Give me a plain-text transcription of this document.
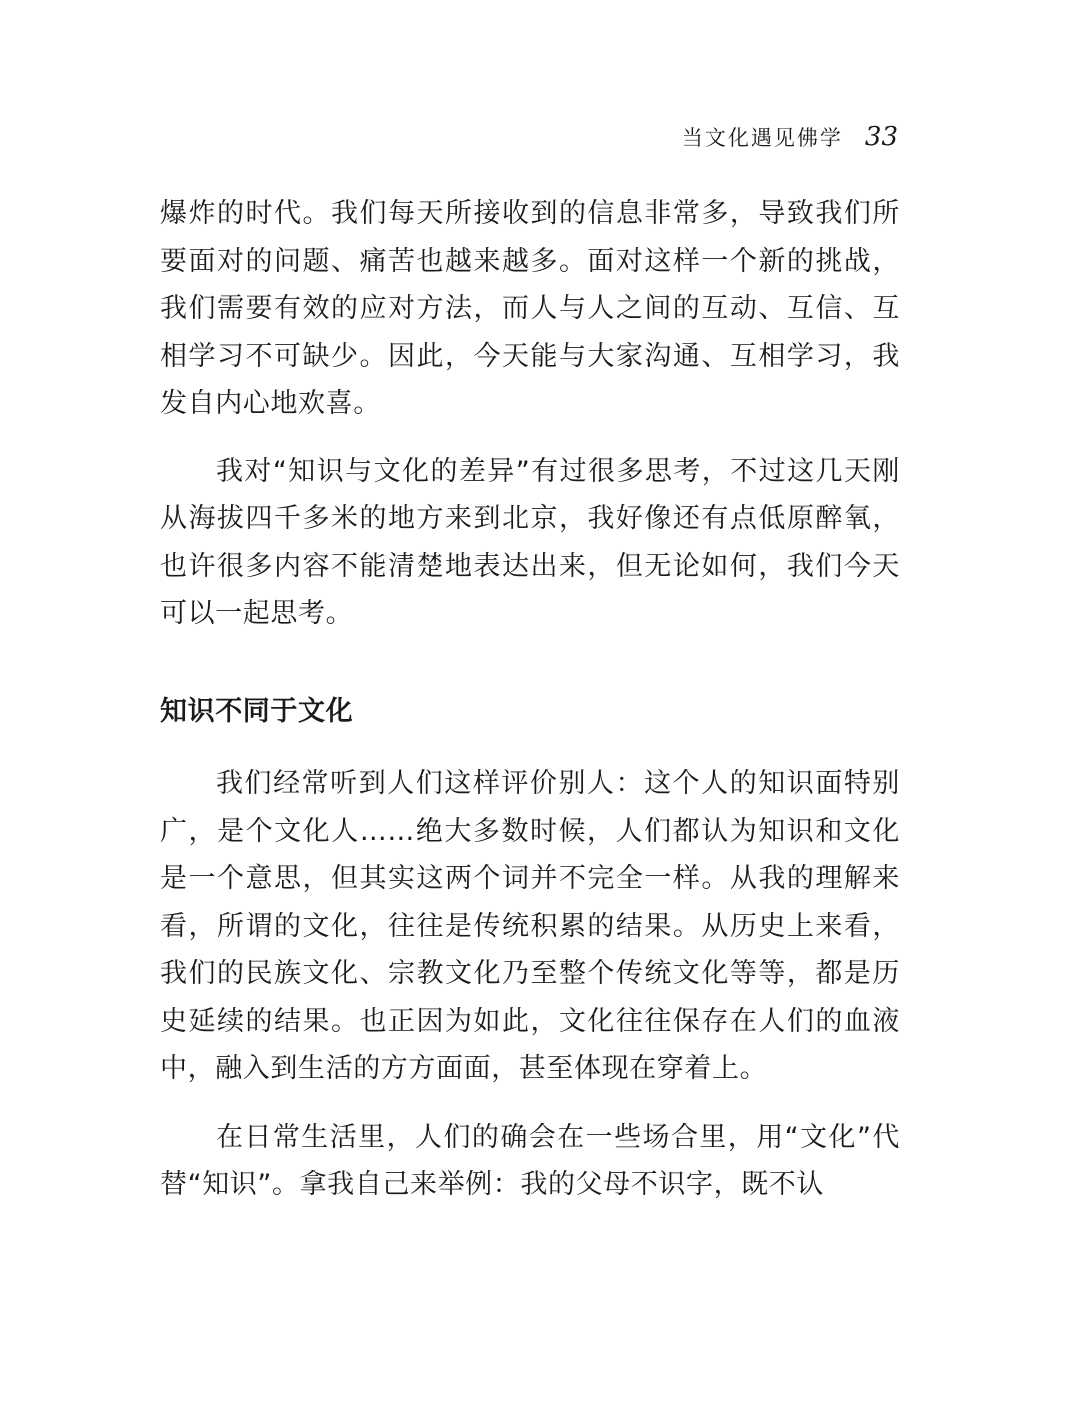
当文化遇见佛学 33

爆炸的时代。我们每天所接收到的信息非常多，导致我们所要面对的问题、痛苦也越来越多。面对这样一个新的挑战，我们需要有效的应对方法，而人与人之间的互动、互信、互相学习不可缺少。因此，今天能与大家沟通、互相学习，我发自内心地欢喜。

我对“知识与文化的差异”有过很多思考，不过这几天刚从海拔四千多米的地方来到北京，我好像还有点低原醉氧，也许很多内容不能清楚地表达出来，但无论如何，我们今天可以一起思考。

知识不同于文化

我们经常听到人们这样评价别人：这个人的知识面特别广，是个文化人……绝大多数时候，人们都认为知识和文化是一个意思，但其实这两个词并不完全一样。从我的理解来看，所谓的文化，往往是传统积累的结果。从历史上来看，我们的民族文化、宗教文化乃至整个传统文化等等，都是历史延续的结果。也正因为如此，文化往往保存在人们的血液中，融入到生活的方方面面，甚至体现在穿着上。

在日常生活里，人们的确会在一些场合里，用“文化”代替“知识”。拿我自己来举例：我的父母不识字，既不认
